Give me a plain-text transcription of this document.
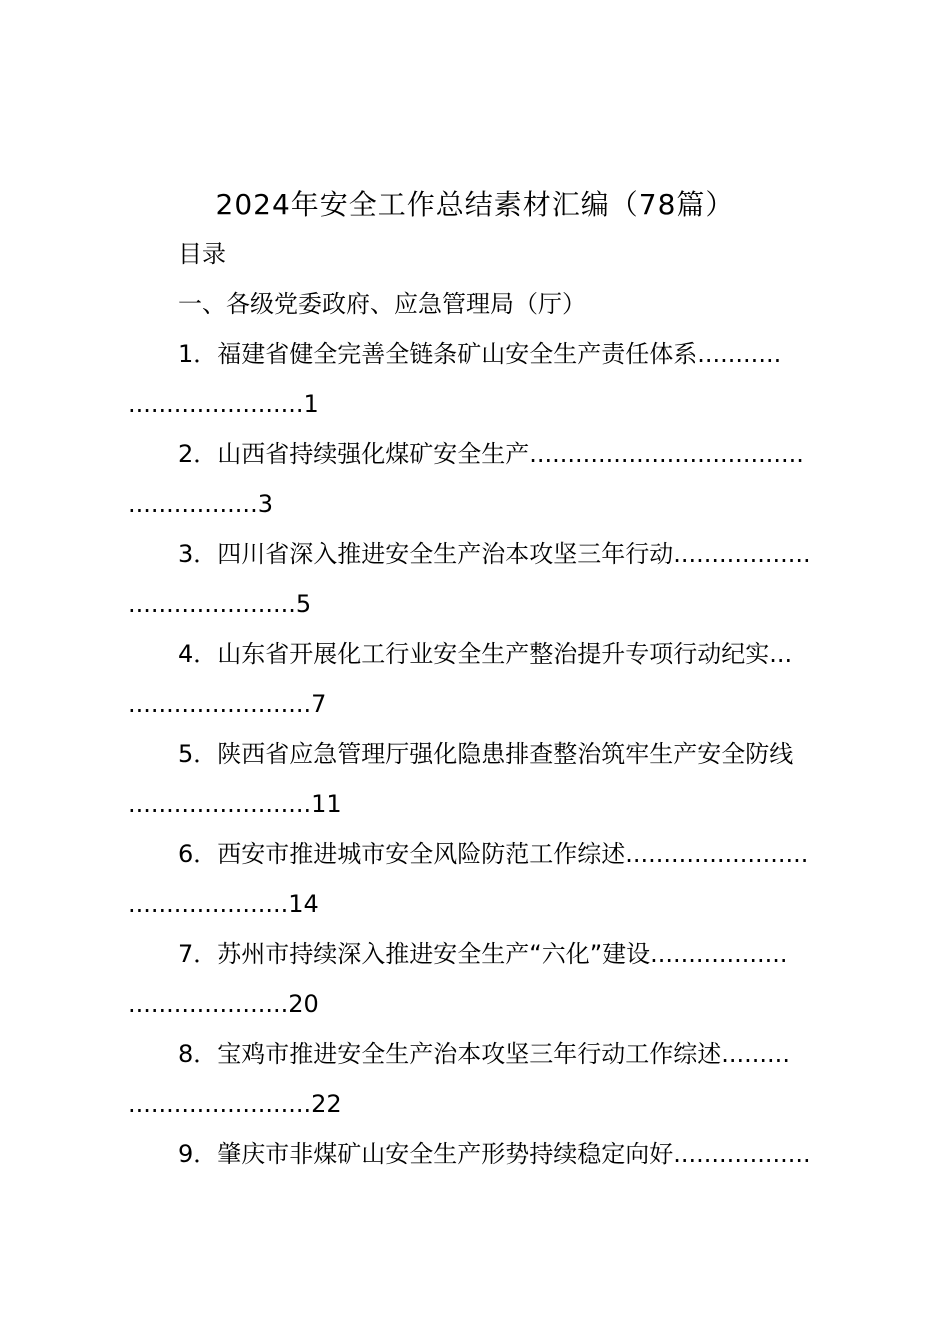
2024年安全工作总结素材汇编（78篇）
目录
一、各级党委政府、应急管理局（厅）
1．福建省健全完善全链条矿山安全生产责任体系...........
.......................1
2．山西省持续强化煤矿安全生产....................................
.................3
3．四川省深入推进安全生产治本攻坚三年行动..................
......................5
4．山东省开展化工行业安全生产整治提升专项行动纪实...
........................7
5．陕西省应急管理厅强化隐患排查整治筑牢生产安全防线
........................11
6．西安市推进城市安全风险防范工作综述........................
.....................14
7．苏州市持续深入推进安全生产“六化”建设..................
.....................20
8．宝鸡市推进安全生产治本攻坚三年行动工作综述.........
........................22
9．肇庆市非煤矿山安全生产形势持续稳定向好..................
